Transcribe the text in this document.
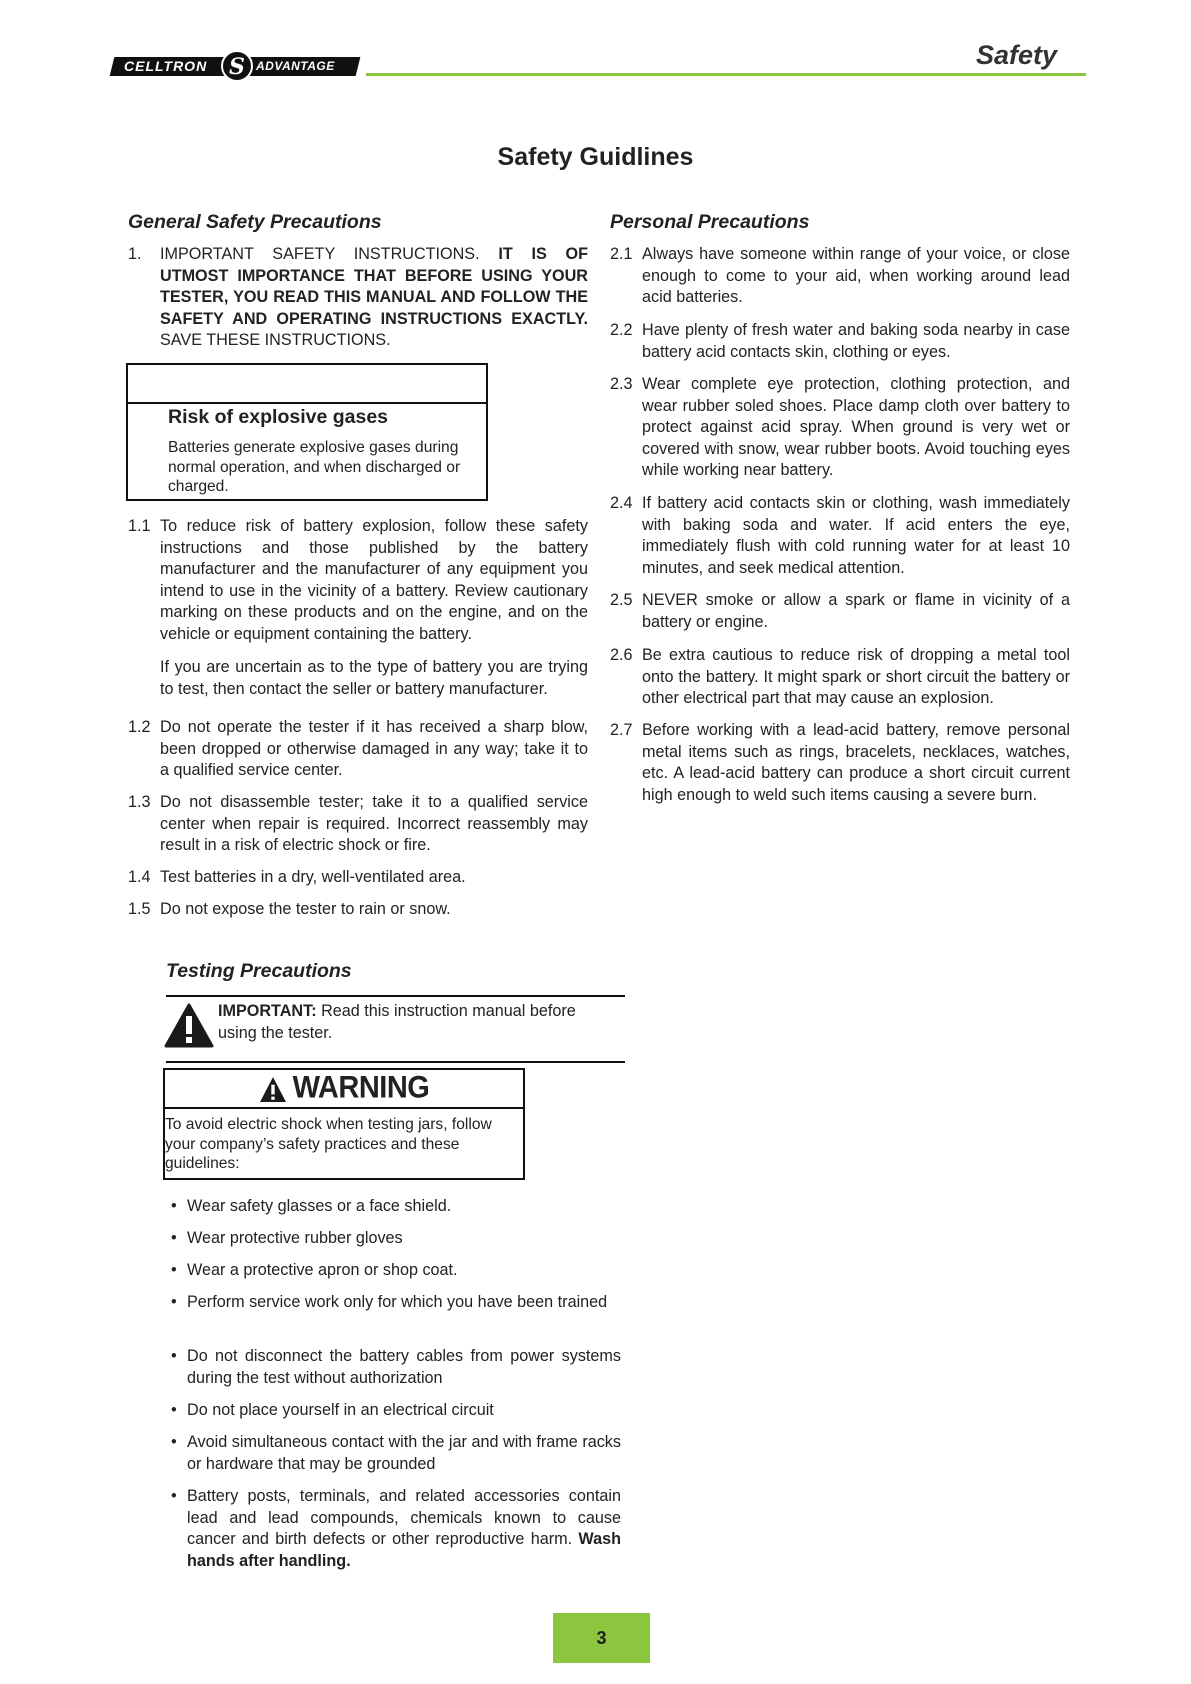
CELLTRON S ADVANTAGE	Safety
Safety Guidlines
General Safety Precautions
1. IMPORTANT SAFETY INSTRUCTIONS. IT IS OF UTMOST IMPORTANCE THAT BEFORE USING YOUR TESTER, YOU READ THIS MANUAL AND FOLLOW THE SAFETY AND OPERATING INSTRUCTIONS EXACTLY. SAVE THESE INSTRUCTIONS.
Risk of explosive gases
Batteries generate explosive gases during normal operation, and when discharged or charged.
1.1 To reduce risk of battery explosion, follow these safety instructions and those published by the battery manufacturer and the manufacturer of any equipment you intend to use in the vicinity of a battery. Review cautionary marking on these products and on the engine, and on the vehicle or equipment containing the battery.
If you are uncertain as to the type of battery you are trying to test, then contact the seller or battery manufacturer.
1.2 Do not operate the tester if it has received a sharp blow, been dropped or otherwise damaged in any way; take it to a qualified service center.
1.3 Do not disassemble tester; take it to a qualified service center when repair is required. Incorrect reassembly may result in a risk of electric shock or fire.
1.4 Test batteries in a dry, well-ventilated area.
1.5 Do not expose the tester to rain or snow.
Testing Precautions
IMPORTANT: Read this instruction manual before using the tester.
WARNING
To avoid electric shock when testing jars, follow your company’s safety practices and these guidelines:
• Wear safety glasses or a face shield.
• Wear protective rubber gloves
• Wear a protective apron or shop coat.
• Perform service work only for which you have been trained
• Do not disconnect the battery cables from power systems during the test without authorization
• Do not place yourself in an electrical circuit
• Avoid simultaneous contact with the jar and with frame racks or hardware that may be grounded
• Battery posts, terminals, and related accessories contain lead and lead compounds, chemicals known to cause cancer and birth defects or other reproductive harm. Wash hands after handling.
Personal Precautions
2.1 Always have someone within range of your voice, or close enough to come to your aid, when working around lead acid batteries.
2.2 Have plenty of fresh water and baking soda nearby in case battery acid contacts skin, clothing or eyes.
2.3 Wear complete eye protection, clothing protection, and wear rubber soled shoes. Place damp cloth over battery to protect against acid spray. When ground is very wet or covered with snow, wear rubber boots. Avoid touching eyes while working near battery.
2.4 If battery acid contacts skin or clothing, wash immediately with baking soda and water. If acid enters the eye, immediately flush with cold running water for at least 10 minutes, and seek medical attention.
2.5 NEVER smoke or allow a spark or flame in vicinity of a battery or engine.
2.6 Be extra cautious to reduce risk of dropping a metal tool onto the battery. It might spark or short circuit the battery or other electrical part that may cause an explosion.
2.7 Before working with a lead-acid battery, remove personal metal items such as rings, bracelets, necklaces, watches, etc. A lead-acid battery can produce a short circuit current high enough to weld such items causing a severe burn.
3
